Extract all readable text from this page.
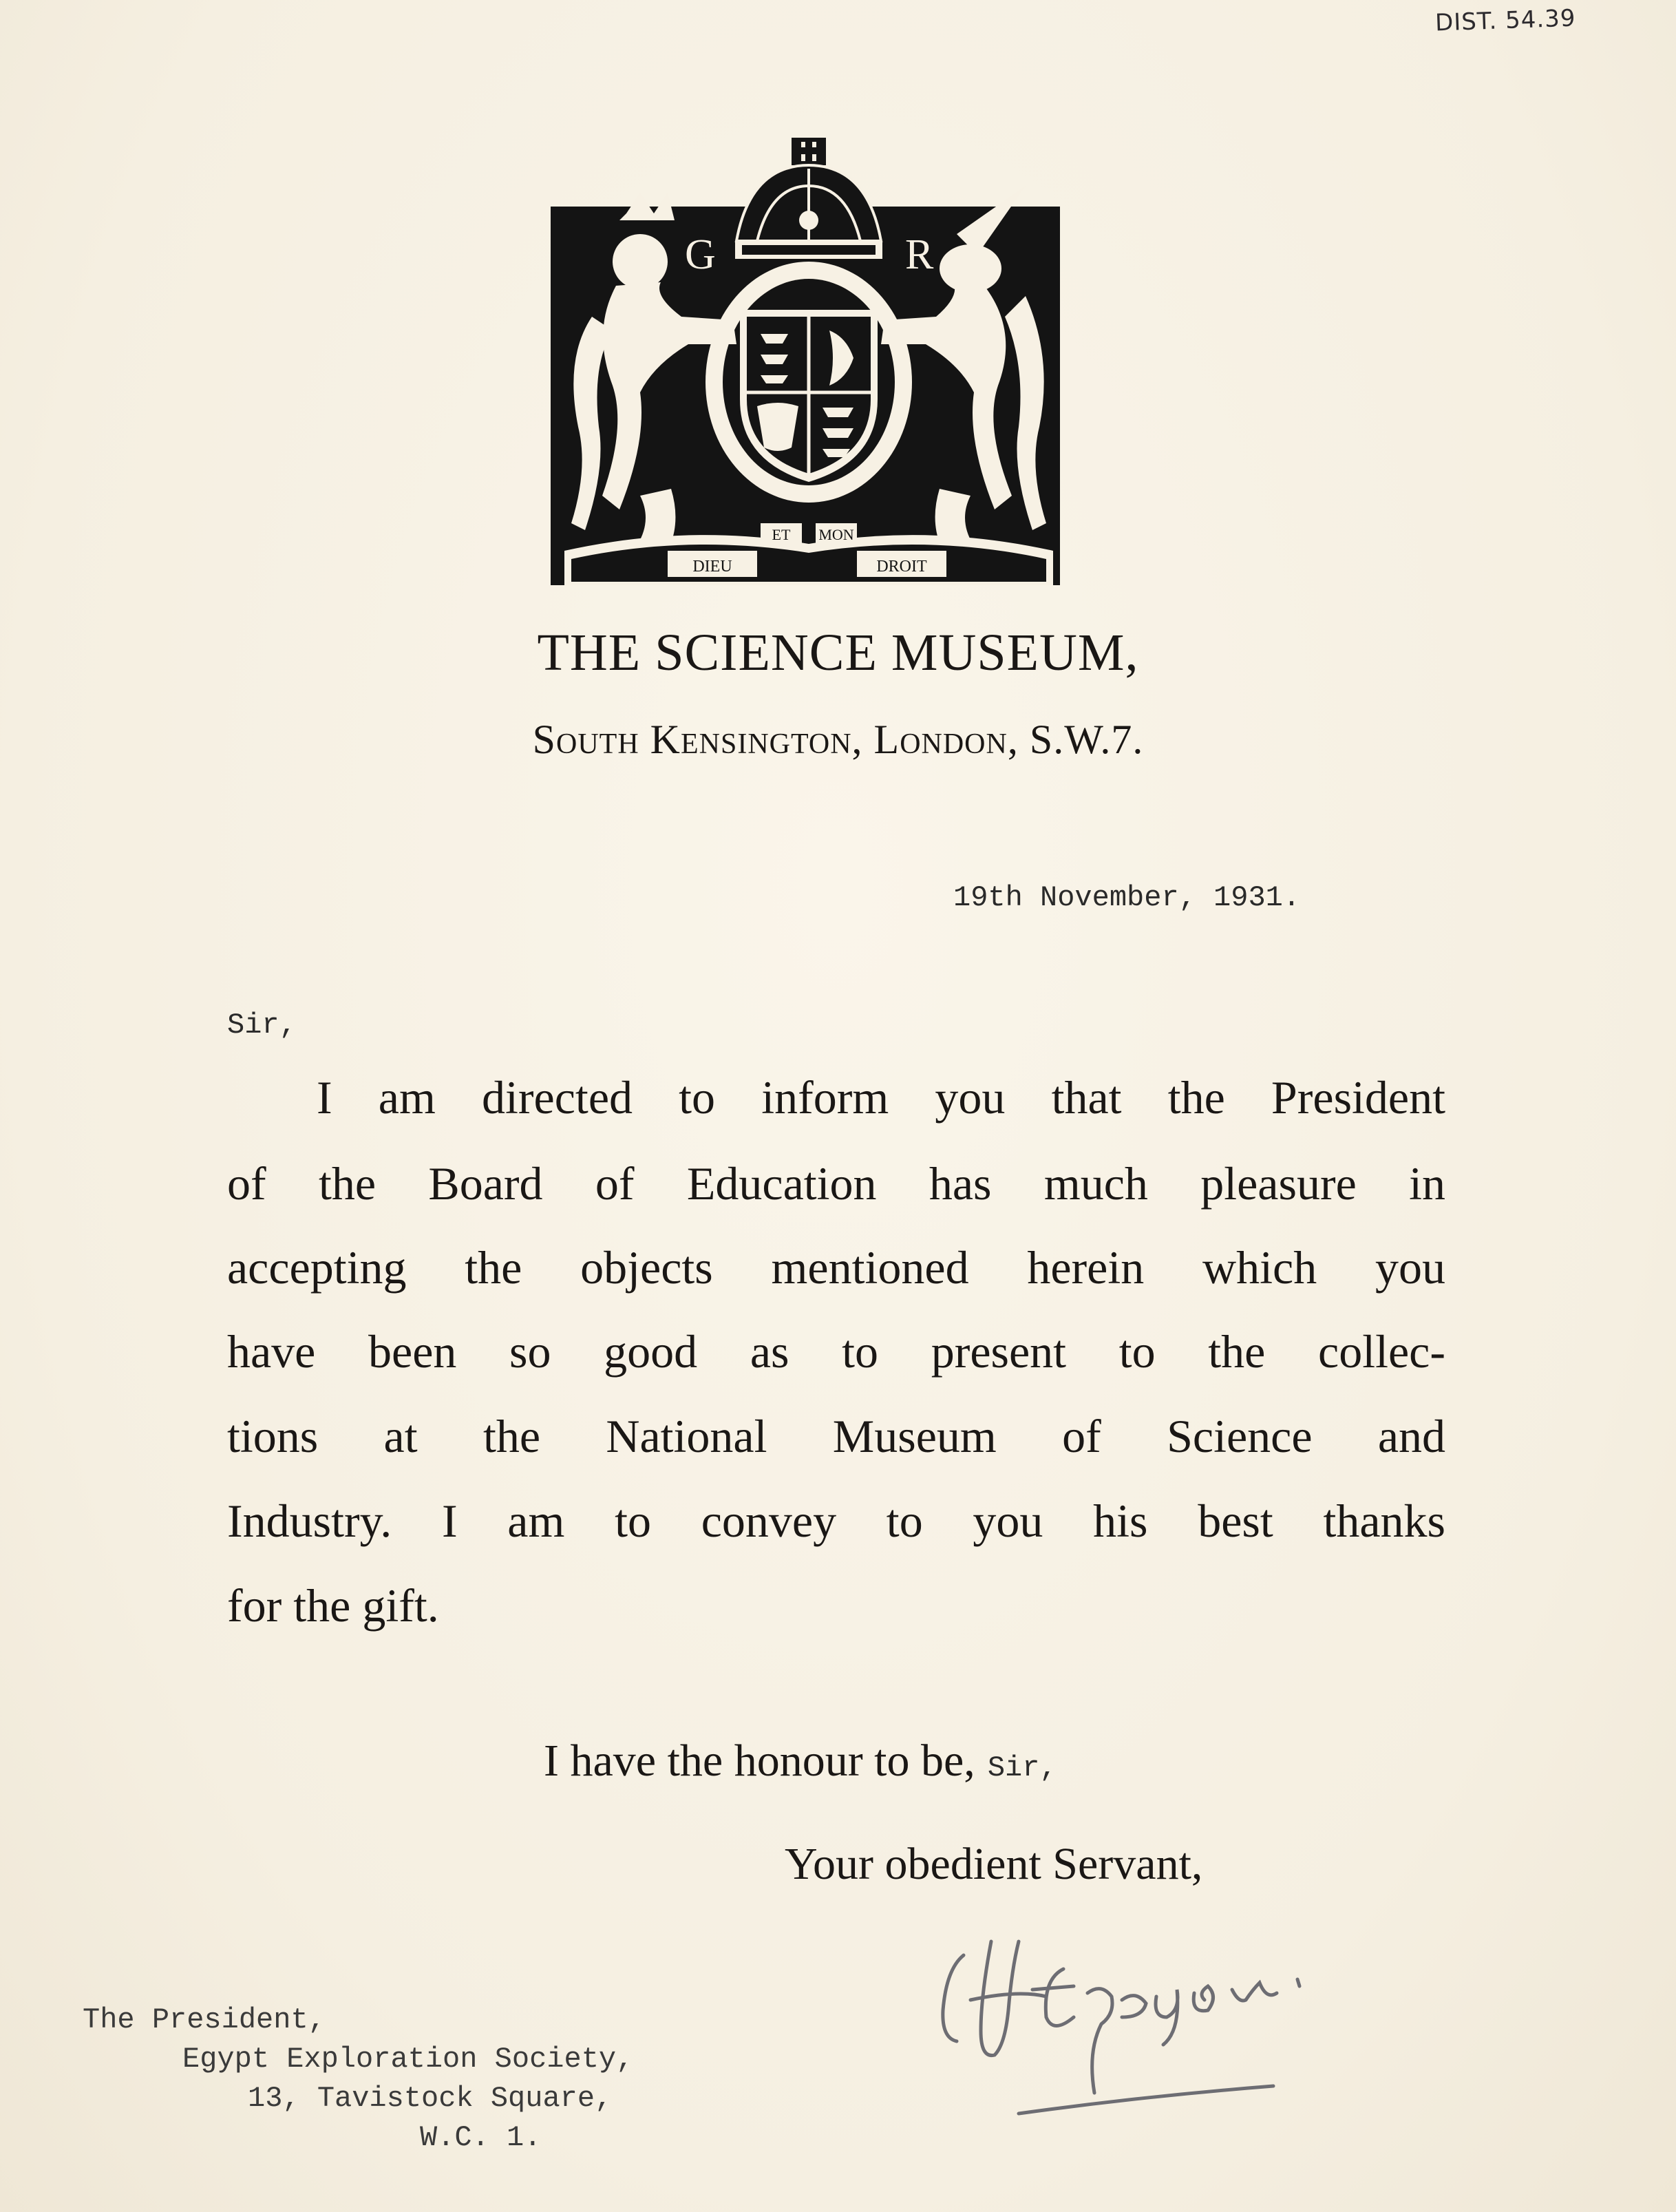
DIST. 54.39
G	R
DIEU
ET MON
DROIT
THE SCIENCE MUSEUM,
South Kensington, London, S.W.7.
19th November, 1931.
Sir,
I am directed to inform you that the President
of the Board of Education has much pleasure in
accepting the objects mentioned herein which you
have been so good as to present to the collec-
tions at the National Museum of Science and
Industry. I am to convey to you his best thanks
for the gift.
I have the honour to be, Sir,
Your obedient Servant,
The President,
Egypt Exploration Society,
13, Tavistock Square,
W.C. 1.
